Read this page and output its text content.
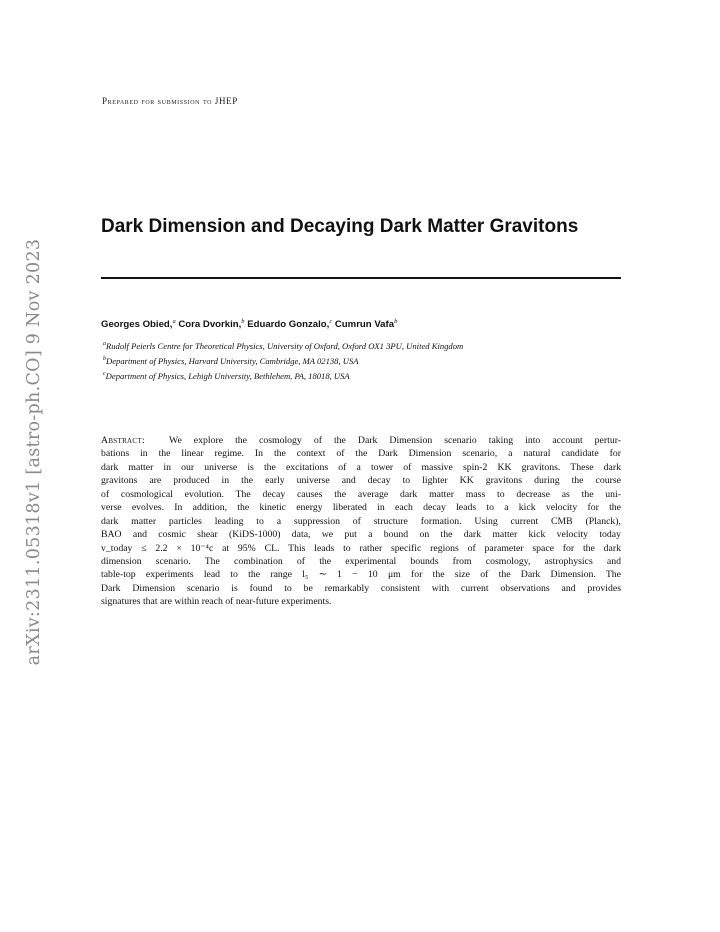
arXiv:2311.05318v1 [astro-ph.CO] 9 Nov 2023
Prepared for submission to JHEP
Dark Dimension and Decaying Dark Matter Gravitons
Georges Obied,$^a$ Cora Dvorkin,$^b$ Eduardo Gonzalo,$^c$ Cumrun Vafa$^b$
$^a$Rudolf Peierls Centre for Theoretical Physics, University of Oxford, Oxford OX1 3PU, United Kingdom
$^b$Department of Physics, Harvard University, Cambridge, MA 02138, USA
$^c$Department of Physics, Lehigh University, Bethlehem, PA, 18018, USA
Abstract: We explore the cosmology of the Dark Dimension scenario taking into account pertur-
bations in the linear regime. In the context of the Dark Dimension scenario, a natural candidate for
dark matter in our universe is the excitations of a tower of massive spin-2 KK gravitons. These dark
gravitons are produced in the early universe and decay to lighter KK gravitons during the course
of cosmological evolution. The decay causes the average dark matter mass to decrease as the uni-
verse evolves. In addition, the kinetic energy liberated in each decay leads to a kick velocity for the
dark matter particles leading to a suppression of structure formation. Using current CMB (Planck),
BAO and cosmic shear (KiDS-1000) data, we put a bound on the dark matter kick velocity today
v_today ≤ 2.2 × 10⁻⁴c at 95% CL. This leads to rather specific regions of parameter space for the dark
dimension scenario. The combination of the experimental bounds from cosmology, astrophysics and
table-top experiments lead to the range l₅ ∼ 1 − 10 μm for the size of the Dark Dimension. The
Dark Dimension scenario is found to be remarkably consistent with current observations and provides
signatures that are within reach of near-future experiments.
